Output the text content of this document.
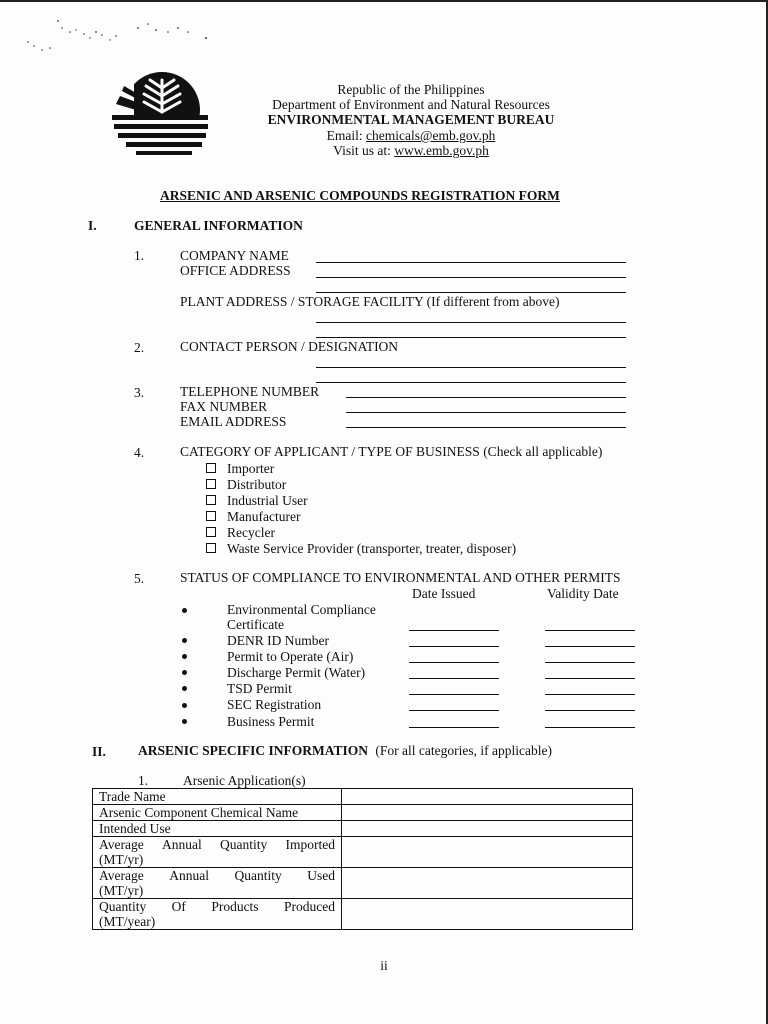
Republic of the Philippines
Department of Environment and Natural Resources
ENVIRONMENTAL MANAGEMENT BUREAU
Email: chemicals@emb.gov.ph
Visit us at: www.emb.gov.ph
ARSENIC AND ARSENIC COMPOUNDS REGISTRATION FORM
I.	GENERAL INFORMATION
1.	COMPANY NAME
OFFICE ADDRESS
PLANT ADDRESS / STORAGE FACILITY (If different from above)
2.	CONTACT PERSON / DESIGNATION
3.	TELEPHONE NUMBER
FAX NUMBER
EMAIL ADDRESS
4.	CATEGORY OF APPLICANT / TYPE OF BUSINESS (Check all applicable)
Importer
Distributor
Industrial User
Manufacturer
Recycler
Waste Service Provider (transporter, treater, disposer)
5.	STATUS OF COMPLIANCE TO ENVIRONMENTAL AND OTHER PERMITS
Date Issued	Validity Date
Environmental Compliance
Certificate
DENR ID Number
Permit to Operate (Air)
Discharge Permit (Water)
TSD Permit
SEC Registration
Business Permit
II. ARSENIC SPECIFIC INFORMATION (For all categories, if applicable)
1.	Arsenic Application(s)
Trade Name	
Arsenic Component Chemical Name	
Intended Use	

Average Annual Quantity Imported
(MT/yr)	

Average Annual Quantity Used
(MT/yr)	

Quantity Of Products Produced
(MT/year)	

ii
